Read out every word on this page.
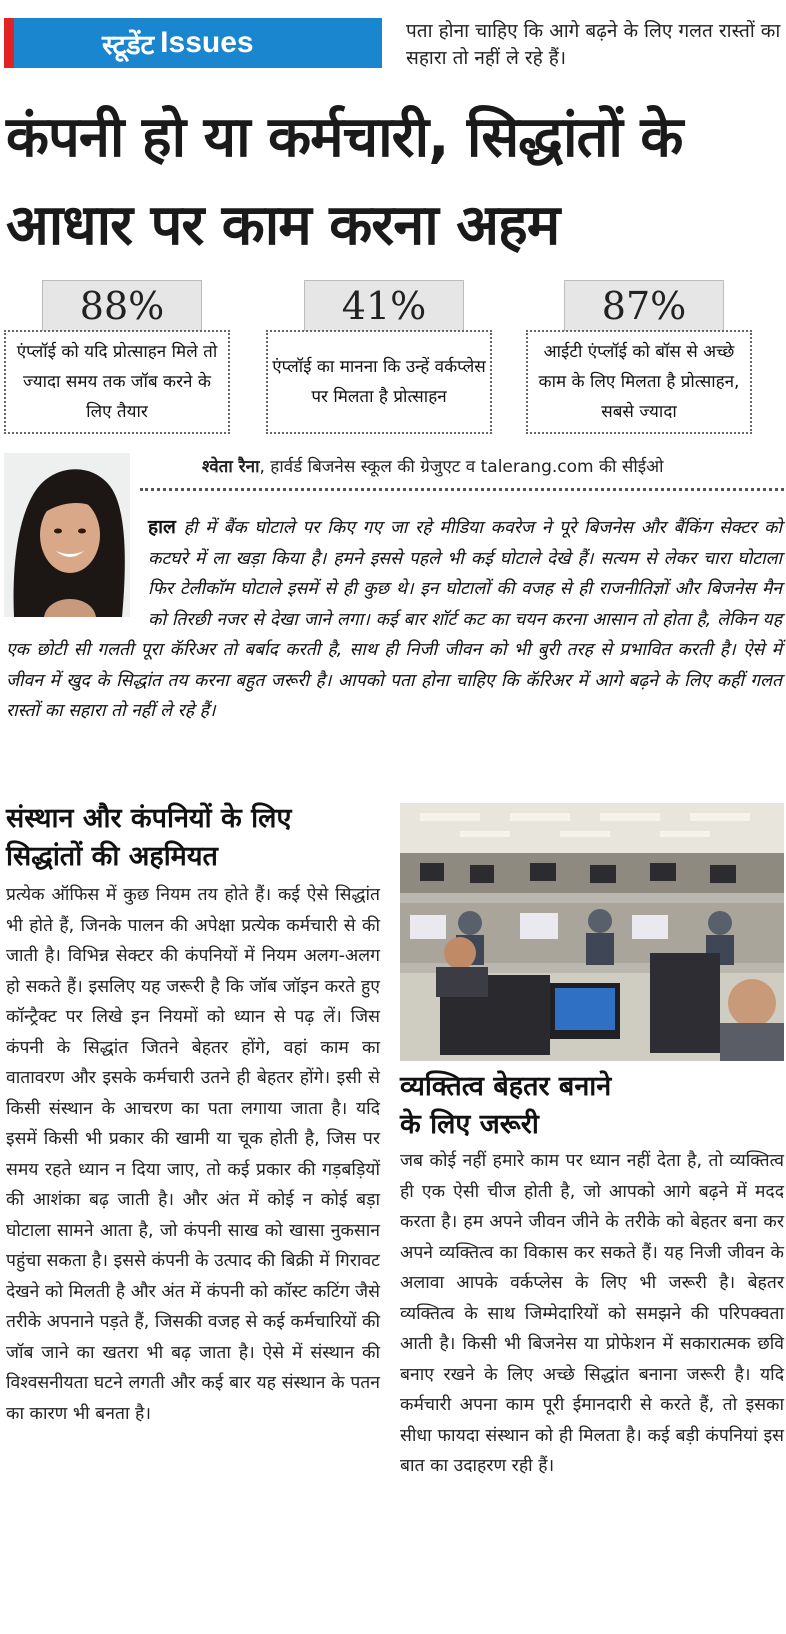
स्टूडेंट Issues	पता होना चाहिए कि आगे बढ़ने के लिए गलत रास्तों का सहारा तो नहीं ले रहे हैं।
कंपनी हो या कर्मचारी, सिद्धांतों के आधार पर काम करना अहम
88%
एंप्लॉई को यदि प्रोत्साहन मिले तो ज्यादा समय तक जॉब करने के लिए तैयार
41%
एंप्लॉई का मानना कि उन्हें वर्कप्लेस पर मिलता है प्रोत्साहन
87%
आईटी एंप्लॉई को बॉस से अच्छे काम के लिए मिलता है प्रोत्साहन, सबसे ज्यादा
श्वेता रैना, हार्वर्ड बिजनेस स्कूल की ग्रेजुएट व talerang.com की सीईओ
हाल ही में बैंक घोटाले पर किए गए जा रहे मीडिया कवरेज ने पूरे बिजनेस और बैंकिंग सेक्टर को कटघरे में ला खड़ा किया है। हमने इससे पहले भी कई घोटाले देखे हैं। सत्यम से लेकर चारा घोटाला फिर टेलीकॉम घोटाले इसमें से ही कुछ थे। इन घोटालों की वजह से ही राजनीतिज्ञों और बिजनेस मैन को तिरछी नजर से देखा जाने लगा। कई बार शॉर्ट कट का चयन करना आसान तो होता है, लेकिन यह एक छोटी सी गलती पूरा कॅरिअर तो बर्बाद करती है, साथ ही निजी जीवन को भी बुरी तरह से प्रभावित करती है। ऐसे में जीवन में खुद के सिद्धांत तय करना बहुत जरूरी है। आपको पता होना चाहिए कि कॅरिअर में आगे बढ़ने के लिए कहीं गलत रास्तों का सहारा तो नहीं ले रहे हैं।
संस्थान और कंपनियों के लिए
सिद्धांतों की अहमियत
प्रत्येक ऑफिस में कुछ नियम तय होते हैं। कई ऐसे सिद्धांत भी होते हैं, जिनके पालन की अपेक्षा प्रत्येक कर्मचारी से की जाती है। विभिन्न सेक्टर की कंपनियों में नियम अलग-अलग हो सकते हैं। इसलिए यह जरूरी है कि जॉब जॉइन करते हुए कॉन्ट्रैक्ट पर लिखे इन नियमों को ध्यान से पढ़ लें। जिस कंपनी के सिद्धांत जितने बेहतर होंगे, वहां काम का वातावरण और इसके कर्मचारी उतने ही बेहतर होंगे। इसी से किसी संस्थान के आचरण का पता लगाया जाता है। यदि इसमें किसी भी प्रकार की खामी या चूक होती है, जिस पर समय रहते ध्यान न दिया जाए, तो कई प्रकार की गड़बड़ियों की आशंका बढ़ जाती है। और अंत में कोई न कोई बड़ा घोटाला सामने आता है, जो कंपनी साख को खासा नुकसान पहुंचा सकता है। इससे कंपनी के उत्पाद की बिक्री में गिरावट देखने को मिलती है और अंत में कंपनी को कॉस्ट कटिंग जैसे तरीके अपनाने पड़ते हैं, जिसकी वजह से कई कर्मचारियों की जॉब जाने का खतरा भी बढ़ जाता है। ऐसे में संस्थान की विश्वसनीयता घटने लगती और कई बार यह संस्थान के पतन का कारण भी बनता है।
व्यक्तित्व बेहतर बनाने
के लिए जरूरी
जब कोई नहीं हमारे काम पर ध्यान नहीं देता है, तो व्यक्तित्व ही एक ऐसी चीज होती है, जो आपको आगे बढ़ने में मदद करता है। हम अपने जीवन जीने के तरीके को बेहतर बना कर अपने व्यक्तित्व का विकास कर सकते हैं। यह निजी जीवन के अलावा आपके वर्कप्लेस के लिए भी जरूरी है। बेहतर व्यक्तित्व के साथ जिम्मेदारियों को समझने की परिपक्वता आती है। किसी भी बिजनेस या प्रोफेशन में सकारात्मक छवि बनाए रखने के लिए अच्छे सिद्धांत बनाना जरूरी है। यदि कर्मचारी अपना काम पूरी ईमानदारी से करते हैं, तो इसका सीधा फायदा संस्थान को ही मिलता है। कई बड़ी कंपनियां इस बात का उदाहरण रही हैं।
